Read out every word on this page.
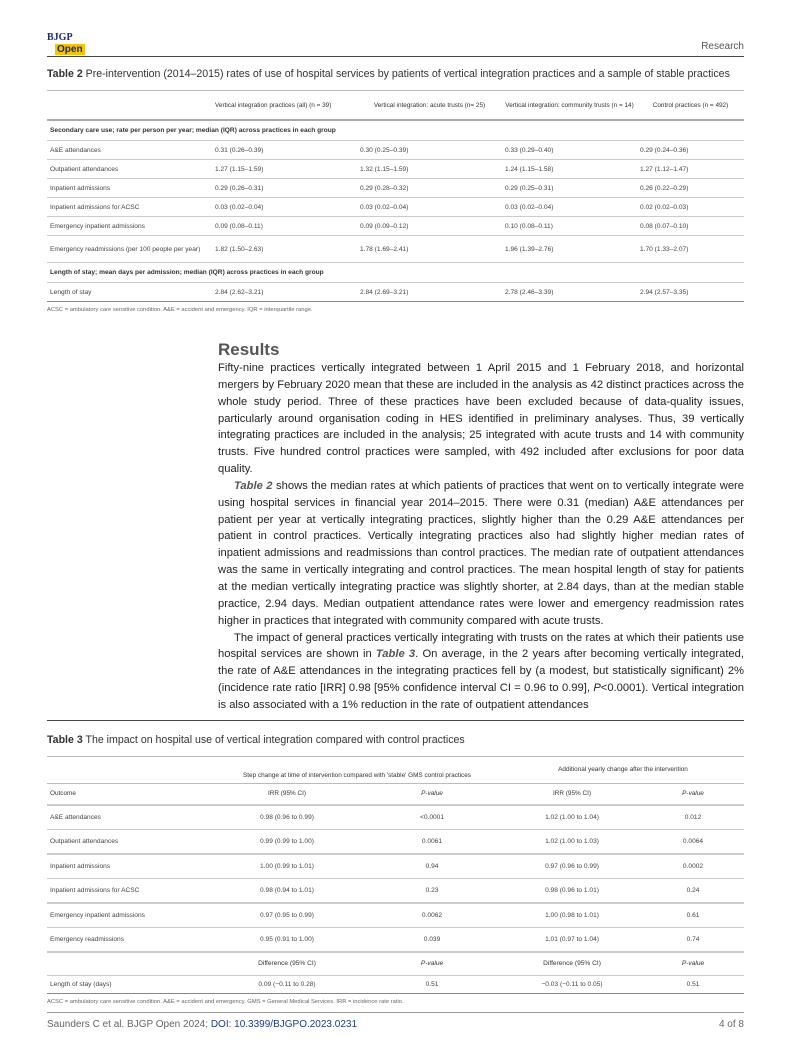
BJGP
Open	Research
Table 2 Pre-intervention (2014–2015) rates of use of hospital services by patients of vertical integration practices and a sample of stable practices
	Vertical integration practices (all) (n = 39)	Vertical integration: acute trusts (n= 25)	Vertical integration: community trusts (n = 14)	Control practices (n = 492)
Secondary care use; rate per person per year; median (IQR) across practices in each group				
A&E attendances	0.31 (0.26–0.39)	0.30 (0.25–0.39)	0.33 (0.29–0.40)	0.29 (0.24–0.36)
Outpatient attendances	1.27 (1.15–1.59)	1.32 (1.15–1.59)	1.24 (1.15–1.58)	1.27 (1.12–1.47)
Inpatient admissions	0.29 (0.26–0.31)	0.29 (0.28–0.32)	0.29 (0.25–0.31)	0.26 (0.22–0.29)
Inpatient admissions for ACSC	0.03 (0.02–0.04)	0.03 (0.02–0.04)	0.03 (0.02–0.04)	0.02 (0.02–0.03)
Emergency inpatient admissions	0.09 (0.08–0.11)	0.09 (0.09–0.12)	0.10 (0.08–0.11)	0.08 (0.07–0.10)
Emergency readmissions (per 100 people per year)	1.82 (1.50–2.63)	1.78 (1.69–2.41)	1.96 (1.39–2.76)	1.70 (1.33–2.07)
Length of stay; mean days per admission; median (IQR) across practices in each group				
Length of stay	2.84 (2.62–3.21)	2.84 (2.69–3.21)	2.78 (2.46–3.39)	2.94 (2.57–3.35)
ACSC = ambulatory care sensitive condition. A&E = accident and emergency. IQR = interquartile range.
Results

Fifty-nine practices vertically integrated between 1 April 2015 and 1 February 2018, and horizontal mergers by February 2020 mean that these are included in the analysis as 42 distinct practices across the whole study period. Three of these practices have been excluded because of data-quality issues, particularly around organisation coding in HES identified in preliminary analyses. Thus, 39 vertically integrating practices are included in the analysis; 25 integrated with acute trusts and 14 with community trusts. Five hundred control practices were sampled, with 492 included after exclusions for poor data quality.

Table 2 shows the median rates at which patients of practices that went on to vertically integrate were using hospital services in financial year 2014–2015. There were 0.31 (median) A&E attendances per patient per year at vertically integrating practices, slightly higher than the 0.29 A&E attendances per patient in control practices. Vertically integrating practices also had slightly higher median rates of inpatient admissions and readmissions than control practices. The median rate of outpatient attendances was the same in vertically integrating and control practices. The mean hospital length of stay for patients at the median vertically integrating practice was slightly shorter, at 2.84 days, than at the median stable practice, 2.94 days. Median outpatient attendance rates were lower and emergency readmission rates higher in practices that integrated with community compared with acute trusts.

The impact of general practices vertically integrating with trusts on the rates at which their patients use hospital services are shown in Table 3. On average, in the 2 years after becoming vertically integrated, the rate of A&E attendances in the integrating practices fell by (a modest, but statistically significant) 2% (incidence rate ratio [IRR] 0.98 [95% confidence interval CI = 0.96 to 0.99], P<0.0001). Vertical integration is also associated with a 1% reduction in the rate of outpatient attendances

Table 3 The impact on hospital use of vertical integration compared with control practices
	Step change at time of intervention compared with 'stable' GMS control practices		Additional yearly change after the intervention	
Outcome	IRR (95% CI)	P-value	IRR (95% CI)	P-value
A&E attendances	0.98 (0.96 to 0.99)	<0.0001	1.02 (1.00 to 1.04)	0.012
Outpatient attendances	0.99 (0.99 to 1.00)	0.0061	1.02 (1.00 to 1.03)	0.0064
Inpatient admissions	1.00 (0.99 to 1.01)	0.94	0.97 (0.96 to 0.99)	0.0002
Inpatient admissions for ACSC	0.98 (0.94 to 1.01)	0.23	0.98 (0.96 to 1.01)	0.24
Emergency inpatient admissions	0.97 (0.95 to 0.99)	0.0062	1.00 (0.98 to 1.01)	0.61
Emergency readmissions	0.95 (0.91 to 1.00)	0.039	1.01 (0.97 to 1.04)	0.74
	Difference (95% CI)	P-value	Difference (95% CI)	P-value
Length of stay (days)	0.09 (−0.11 to 0.28)	0.51	−0.03 (−0.11 to 0.05)	0.51
ACSC = ambulatory care sensitive condition. A&E = accident and emergency. GMS = General Medical Services. IRR = incidence rate ratio.
Saunders C et al. BJGP Open 2024; DOI: 10.3399/BJGPO.2023.0231	4 of 8
